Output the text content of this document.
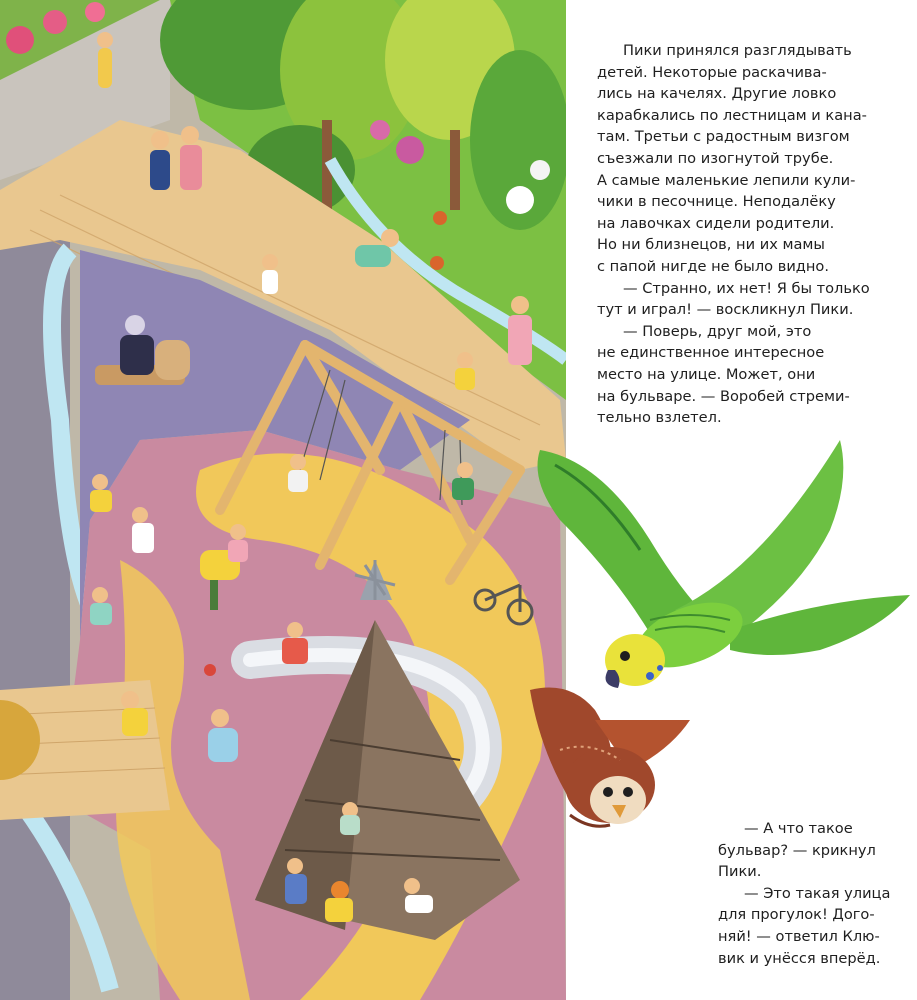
Пики принялся разглядывать
детей. Некоторые раскачива-
лись на качелях. Другие ловко
карабкались по лестницам и кана-
там. Третьи с радостным визгом
съезжали по изогнутой трубе.
А самые маленькие лепили кули-
чики в песочнице. Неподалёку
на лавочках сидели родители.
Но ни близнецов, ни их мамы
с папой нигде не было видно.
— Странно, их нет! Я бы только
тут и играл! — воскликнул Пики.
— Поверь, друг мой, это
не единственное интересное
место на улице. Может, они
на бульваре. — Воробей стреми-
тельно взлетел.
— А что такое
бульвар? — крикнул
Пики.
— Это такая улица
для прогулок! Дого-
няй! — ответил Клю-
вик и унёсся вперёд.
